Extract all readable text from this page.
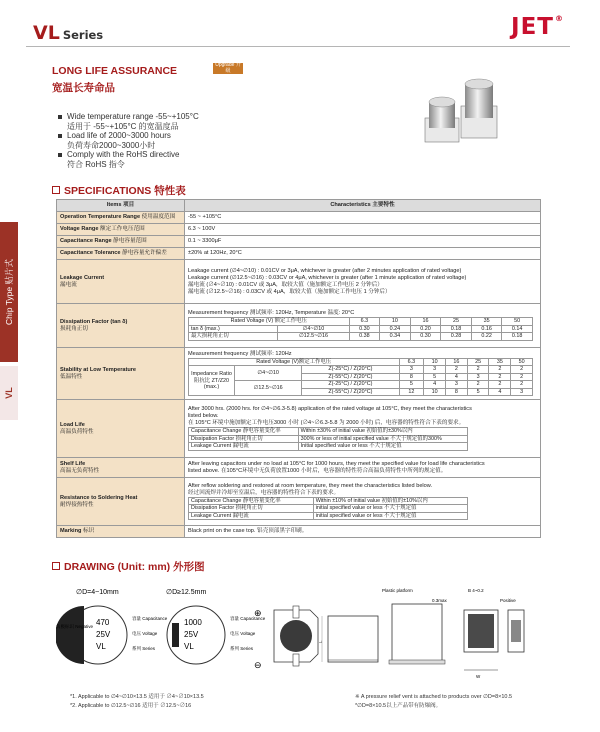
VL Series	JET®
Chip Type 贴片式
VL
LONG LIFE ASSURANCE	Upgrade 升级
宽温长寿命品
Wide temperature range -55~+105°C
适用于 -55~+105°C 的宽温度品
Load life of 2000~3000 hours
负荷寿命2000~3000小时
Comply with the RoHS directive
符合 RoHS 指令
SPECIFICATIONS 特性表
Items 项目	Characteristics 主要特性
Operation Temperature Range 使用温度范围	-55 ~ +105°C
Voltage Range 额定工作电压范围	6.3 ~ 100V
Capacitance Range 静电容量范围	0.1 ~ 3300μF
Capacitance Tolerance 静电容量允许偏差	±20% at 120Hz, 20°C

Leakage Current
漏电流

Leakage current (∅4~∅10) : 0.01CV or 3μA, whichever is greater (after 2 minutes application of rated voltage)
Leakage current (∅12.5~∅16) : 0.03CV or 4μA, whichever is greater (after 1 minute application of rated voltage)
漏电流 (∅4~∅10) : 0.01CV 或 3μA，取较大值（施加额定工作电压 2 分钟后）
漏电流 (∅12.5~∅16) : 0.03CV 或 4μA，取较大值（施加额定工作电压 1 分钟后）

Dissipation Factor (tan δ)
损耗角正切

Measurement frequency 测试频率: 120Hz, Temperature 温度: 20°C
Rated Voltage (V) 额定工作电压	6.3	10	16	25	35	50
tan δ (max.)	∅4~∅10	0.30	0.24	0.20	0.18	0.16	0.14
最大损耗角正切	∅12.5~∅16	0.38	0.34	0.30	0.28	0.22	0.18

Stability at Low Temperature
低温特性

Measurement frequency 测试频率: 120Hz
Rated Voltage (V)额定工作电压	6.3	10	16	25	35	50
Impedance Ratio 阻抗比 ZT/Z20 (max.)	∅4~∅10	Z(-25°C) / Z(20°C)	3	3	2	2	2	2
Z(-55°C) / Z(20°C)	8	5	4	3	2	2
∅12.5~∅16	Z(-25°C) / Z(20°C)	5	4	3	2	2	2
Z(-55°C) / Z(20°C)	12	10	8	5	4	3

Load Life
高温负荷特性

After 3000 hrs. (2000 hrs. for ∅4~∅6.3-5.8) application of the rated voltage at 105°C, they meet the characteristics
listed below.
在 105°C 环境中施加额定工作电压3000 小时 (∅4~∅6.3-5.8 为 2000 小时) 后，电容器的特性符合下表的要求。
Capacitance Change 静电容量变化率	Within ±30% of initial value 初始值的±30%以内
Dissipation Factor 损耗角正切	300% or less of initial specified value 不大于规定值的300%
Leakage Current 漏电流	Initial specified value or less 不大于规定值

Shelf Life
高温无负荷特性

After leaving capacitors under no load at 105°C for 1000 hours, they meet the specified value for load life characteristics
listed above. 在105°C环境中无负荷放置1000 小时后，电容器的特性符合高温负荷特性中所列的规定值。

Resistance to Soldering Heat
耐焊接热特性

After reflow soldering and restored at room temperature, they meet the characteristics listed below.
经过回流焊并冷却至室温后，电容器的特性符合下表的要求。
Capacitance Change 静电容量变化率	Within ±10% of initial value 初始值的±10%以内
Dissipation Factor 损耗角正切	initial specified value or less 不大于规定值
Leakage Current 漏电流	initial specified value or less 不大于规定值

Marking 标识	Black print on the case top. 铝壳顶部黑字印刷。
DRAWING (Unit: mm) 外形图
∅D=4~10mm
470
25V
VL
负极标识 Negative
容量 Capacitance
电压 Voltage
系列 Series
∅D≥12.5mm
1000
25V
VL
容量 Capacitance
电压 Voltage
系列 Series
⊕
⊖
L
Plastic platform
0.3max
B 4~0.2
Positive
W
*1. Applicable to ∅4~∅10×13.5 适用于 ∅4~∅10×13.5
*2. Applicable to ∅12.5~∅16 适用于 ∅12.5~∅16
※ A pressure relief vent is attached to products over ∅D=8×10.5
*∅D=8×10.5以上产品带有防爆阀。
